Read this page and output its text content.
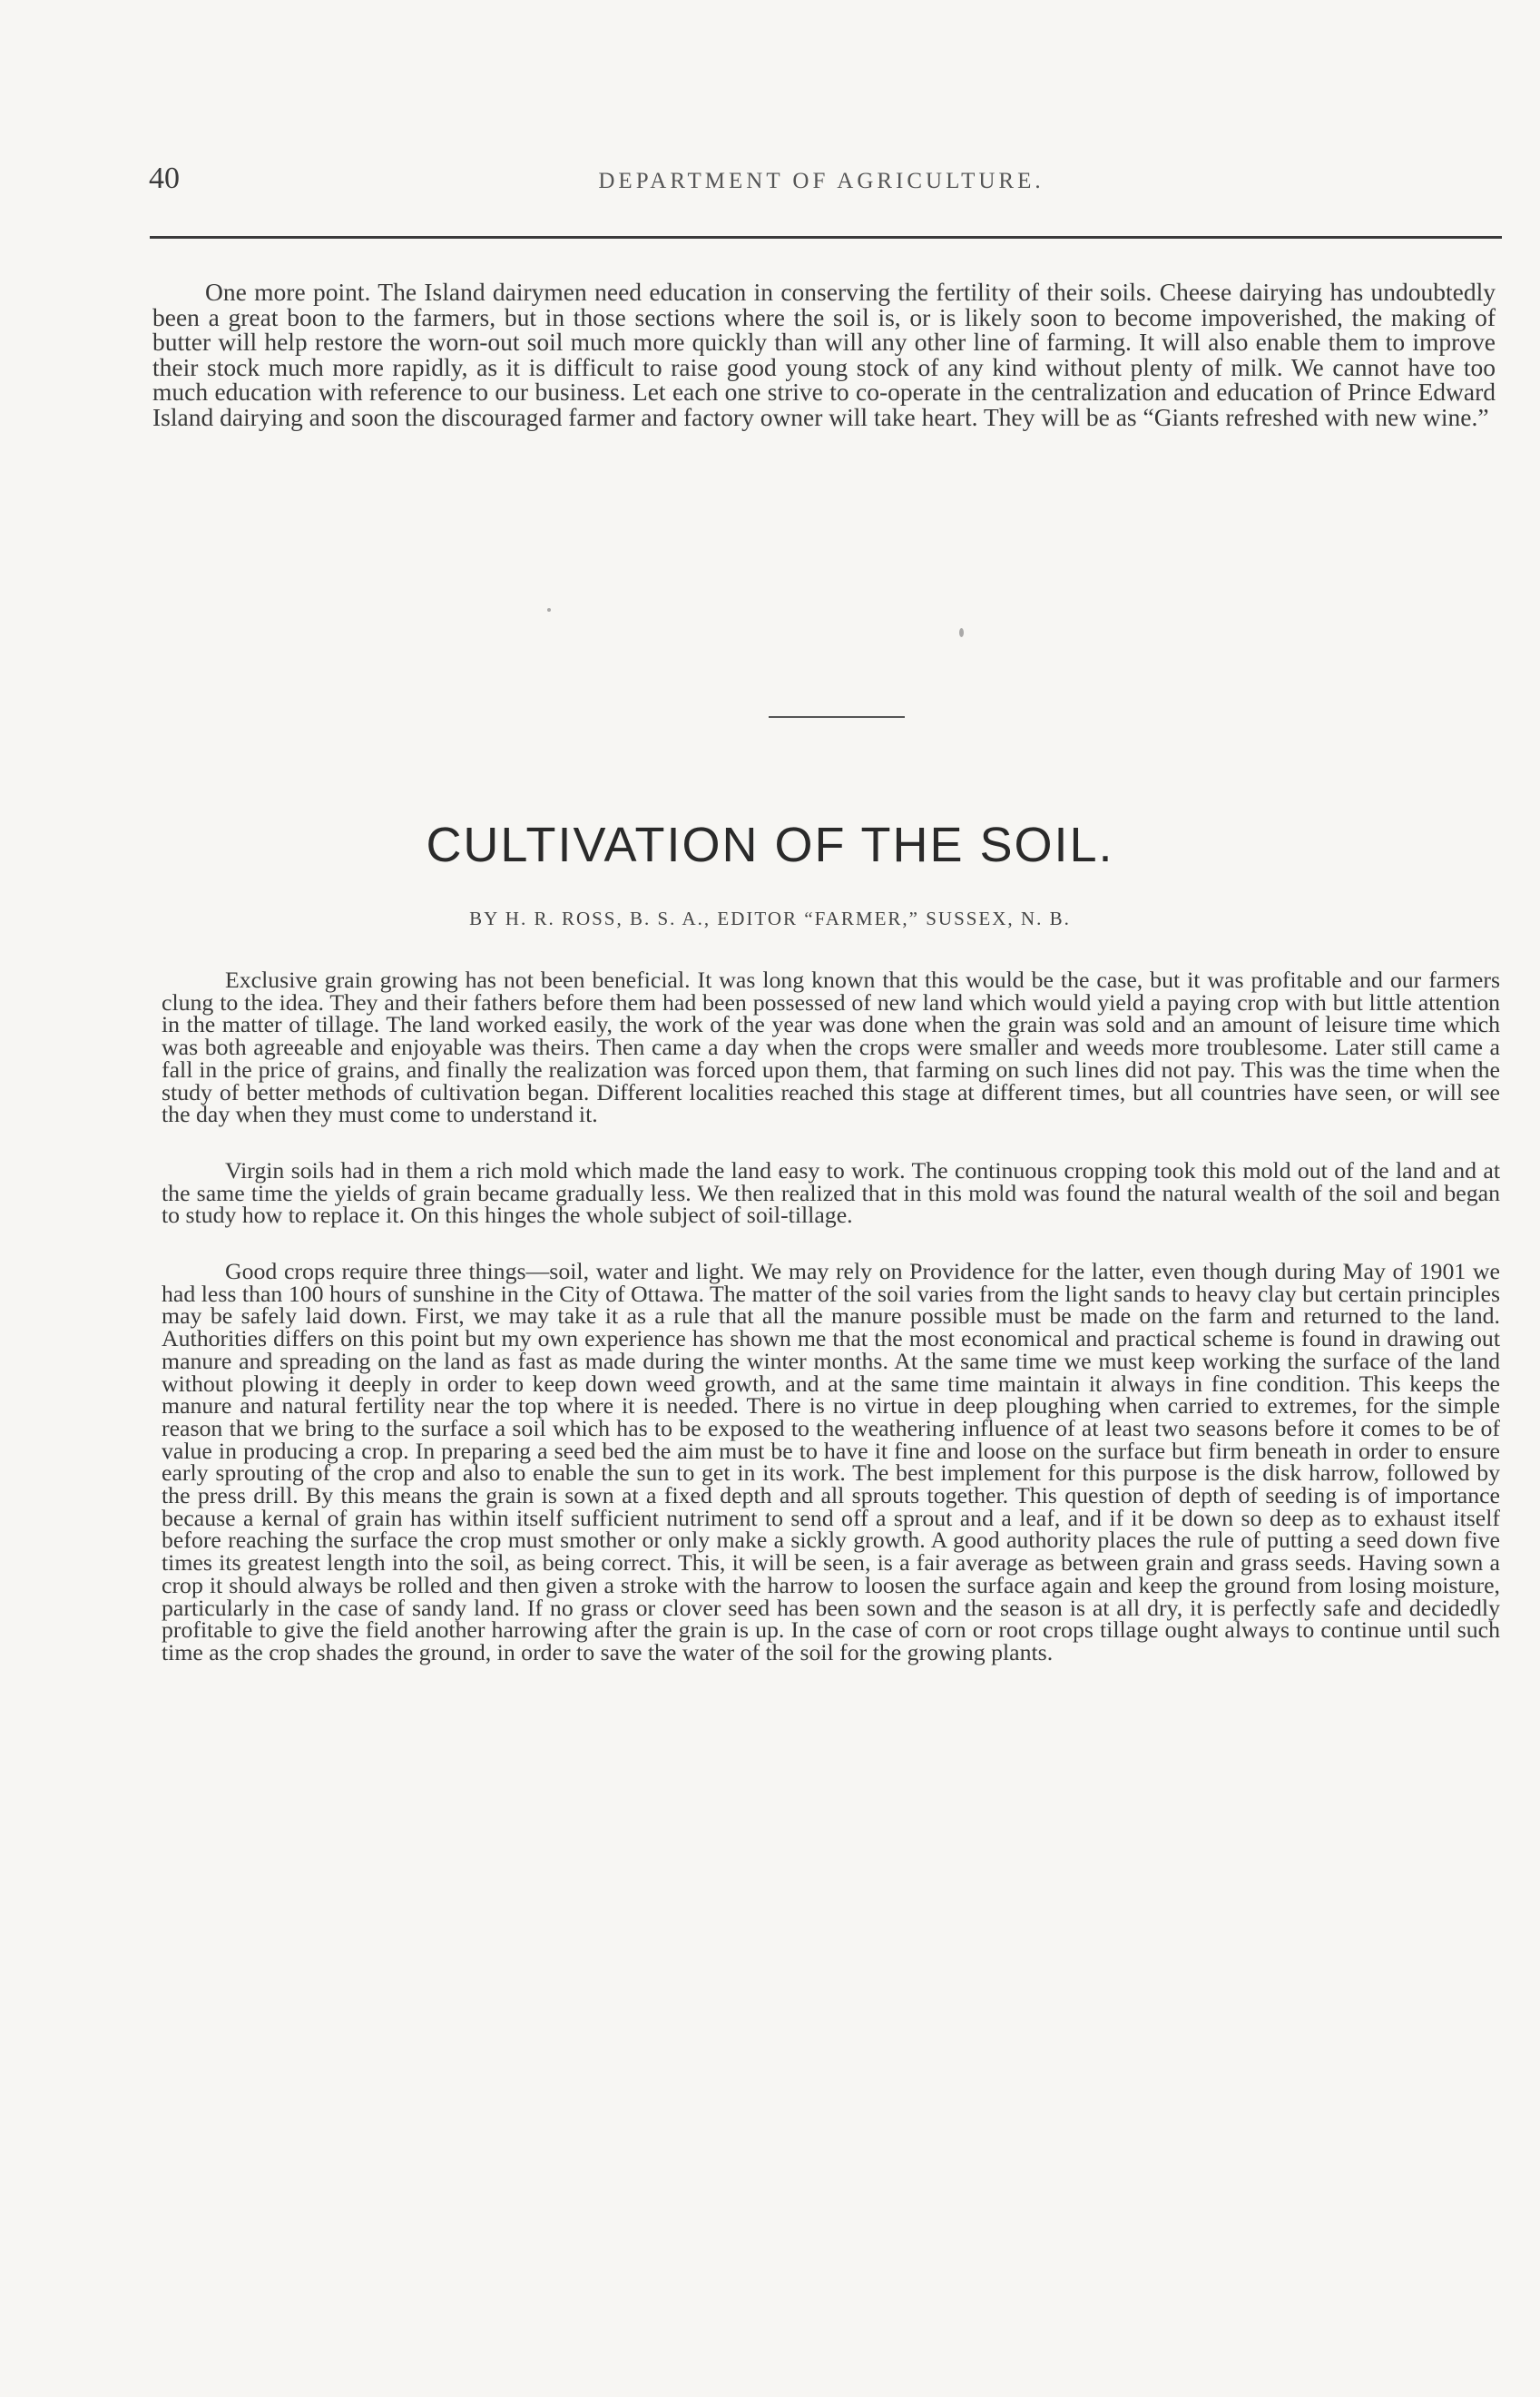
40	DEPARTMENT OF AGRICULTURE.

One more point. The Island dairymen need education in conserving the fertility of their soils. Cheese dairying has undoubtedly been a great boon to the farmers, but in those sections where the soil is, or is likely soon to become impoverished, the making of butter will help restore the worn-out soil much more quickly than will any other line of farming. It will also enable them to improve their stock much more rapidly, as it is difficult to raise good young stock of any kind without plenty of milk. We cannot have too much education with reference to our business. Let each one strive to co-operate in the centralization and education of Prince Edward Island dairying and soon the discouraged farmer and factory owner will take heart. They will be as “Giants refreshed with new wine.”

CULTIVATION OF THE SOIL.
BY H. R. ROSS, B. S. A., EDITOR “FARMER,” SUSSEX, N. B.

Exclusive grain growing has not been beneficial. It was long known that this would be the case, but it was profitable and our farmers clung to the idea. They and their fathers before them had been possessed of new land which would yield a paying crop with but little attention in the matter of tillage. The land worked easily, the work of the year was done when the grain was sold and an amount of leisure time which was both agreeable and enjoyable was theirs. Then came a day when the crops were smaller and weeds more troublesome. Later still came a fall in the price of grains, and finally the realization was forced upon them, that farming on such lines did not pay. This was the time when the study of better methods of cultivation began. Different localities reached this stage at different times, but all countries have seen, or will see the day when they must come to understand it.

Virgin soils had in them a rich mold which made the land easy to work. The continuous cropping took this mold out of the land and at the same time the yields of grain became gradually less. We then realized that in this mold was found the natural wealth of the soil and began to study how to replace it. On this hinges the whole subject of soil-tillage.

Good crops require three things—soil, water and light. We may rely on Providence for the latter, even though during May of 1901 we had less than 100 hours of sunshine in the City of Ottawa. The matter of the soil varies from the light sands to heavy clay but certain principles may be safely laid down. First, we may take it as a rule that all the manure possible must be made on the farm and returned to the land. Authorities differs on this point but my own experience has shown me that the most economical and practical scheme is found in drawing out manure and spreading on the land as fast as made during the winter months. At the same time we must keep working the surface of the land without plowing it deeply in order to keep down weed growth, and at the same time maintain it always in fine condition. This keeps the manure and natural fertility near the top where it is needed. There is no virtue in deep ploughing when carried to extremes, for the simple reason that we bring to the surface a soil which has to be exposed to the weathering influence of at least two seasons before it comes to be of value in producing a crop. In preparing a seed bed the aim must be to have it fine and loose on the surface but firm beneath in order to ensure early sprouting of the crop and also to enable the sun to get in its work. The best implement for this purpose is the disk harrow, followed by the press drill. By this means the grain is sown at a fixed depth and all sprouts together. This question of depth of seeding is of importance because a kernal of grain has within itself sufficient nutriment to send off a sprout and a leaf, and if it be down so deep as to exhaust itself before reaching the surface the crop must smother or only make a sickly growth. A good authority places the rule of putting a seed down five times its greatest length into the soil, as being correct. This, it will be seen, is a fair average as between grain and grass seeds. Having sown a crop it should always be rolled and then given a stroke with the harrow to loosen the surface again and keep the ground from losing moisture, particularly in the case of sandy land. If no grass or clover seed has been sown and the season is at all dry, it is perfectly safe and decidedly profitable to give the field another harrowing after the grain is up. In the case of corn or root crops tillage ought always to continue until such time as the crop shades the ground, in order to save the water of the soil for the growing plants.
